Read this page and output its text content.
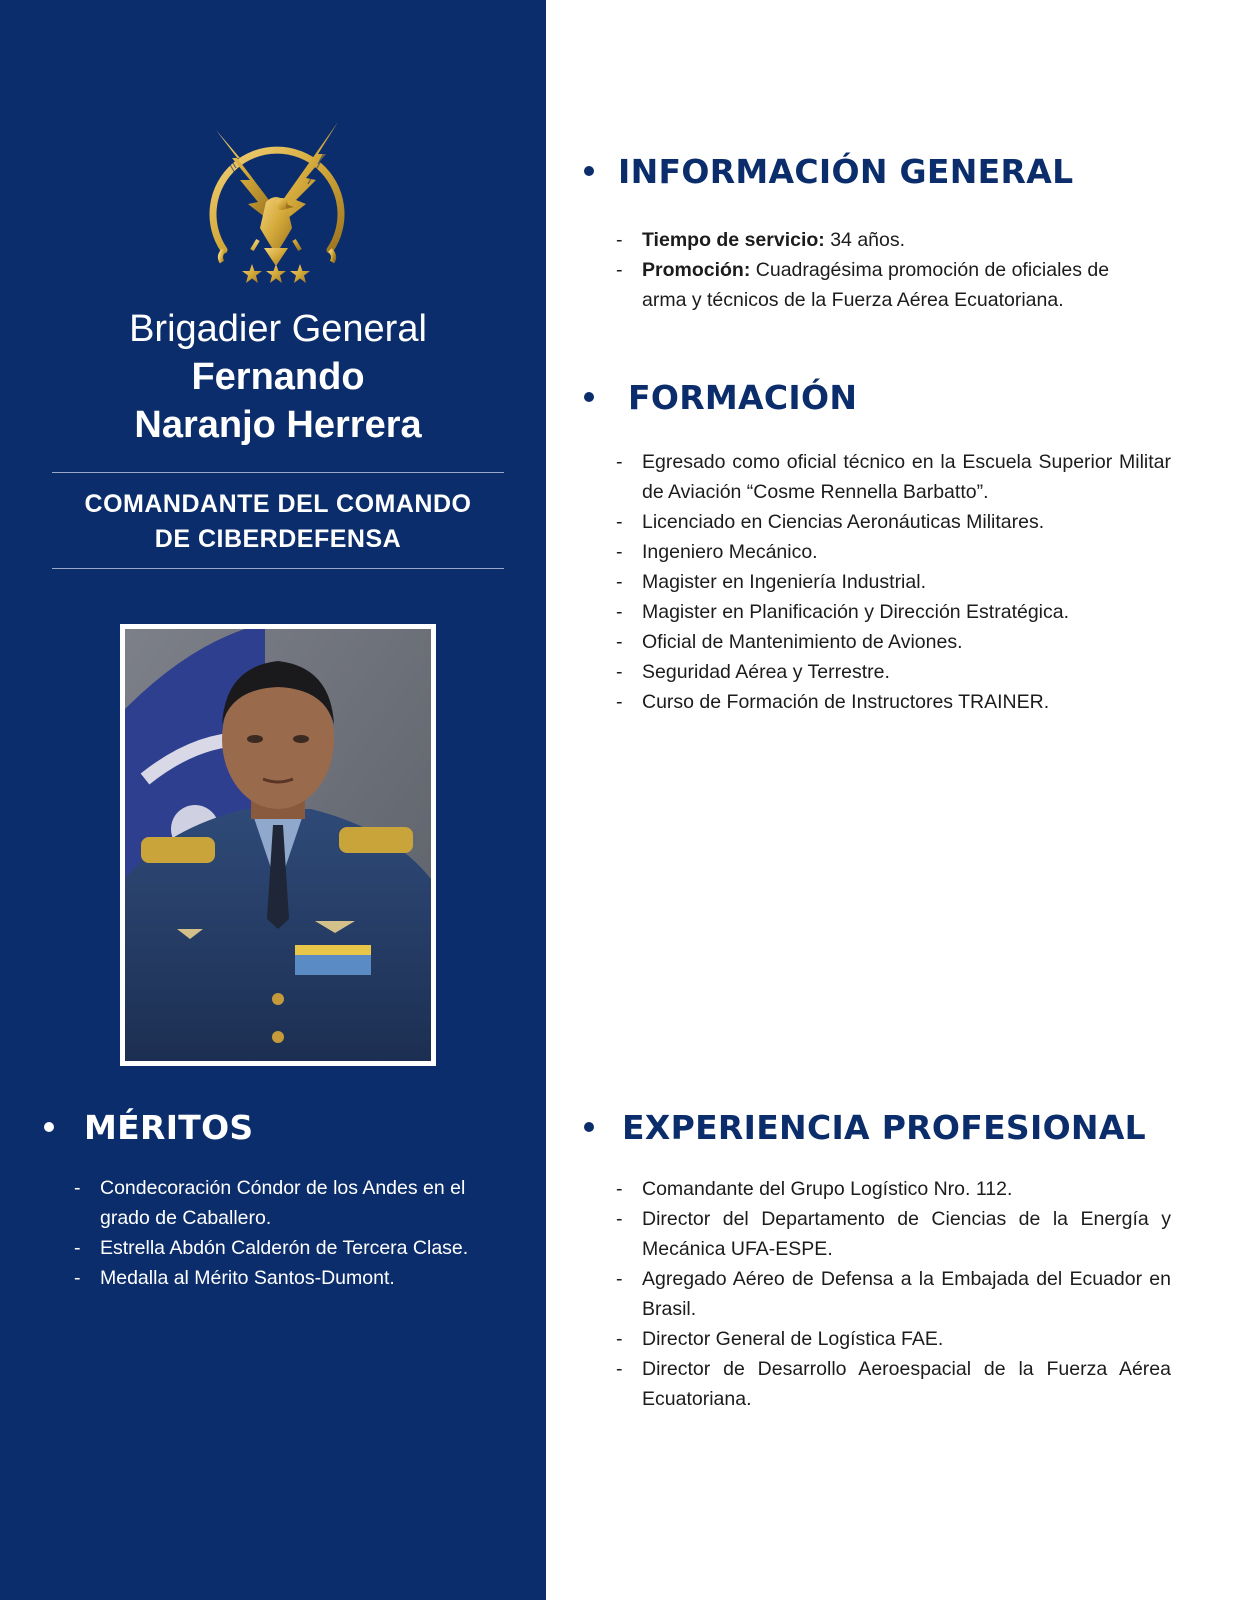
Brigadier General
Fernando
Naranjo Herrera
COMANDANTE DEL COMANDO
DE CIBERDEFENSA
MÉRITOS
- Condecoración Cóndor de los Andes en el grado de Caballero.
- Estrella Abdón Calderón de Tercera Clase.
- Medalla al Mérito Santos-Dumont.
INFORMACIÓN GENERAL
- Tiempo de servicio: 34 años.
- Promoción: Cuadragésima promoción de oficiales de arma y técnicos de la Fuerza Aérea Ecuatoriana.
FORMACIÓN
- Egresado como oficial técnico en la Escuela Superior Militar de Aviación “Cosme Rennella Barbatto”.
- Licenciado en Ciencias Aeronáuticas Militares.
- Ingeniero Mecánico.
- Magister en Ingeniería Industrial.
- Magister en Planificación y Dirección Estratégica.
- Oficial de Mantenimiento de Aviones.
- Seguridad Aérea y Terrestre.
- Curso de Formación de Instructores TRAINER.
EXPERIENCIA PROFESIONAL
- Comandante del Grupo Logístico Nro. 112.
- Director del Departamento de Ciencias de la Energía y Mecánica UFA-ESPE.
- Agregado Aéreo de Defensa a la Embajada del Ecuador en Brasil.
- Director General de Logística FAE.
- Director de Desarrollo Aeroespacial de la Fuerza Aérea Ecuatoriana.
